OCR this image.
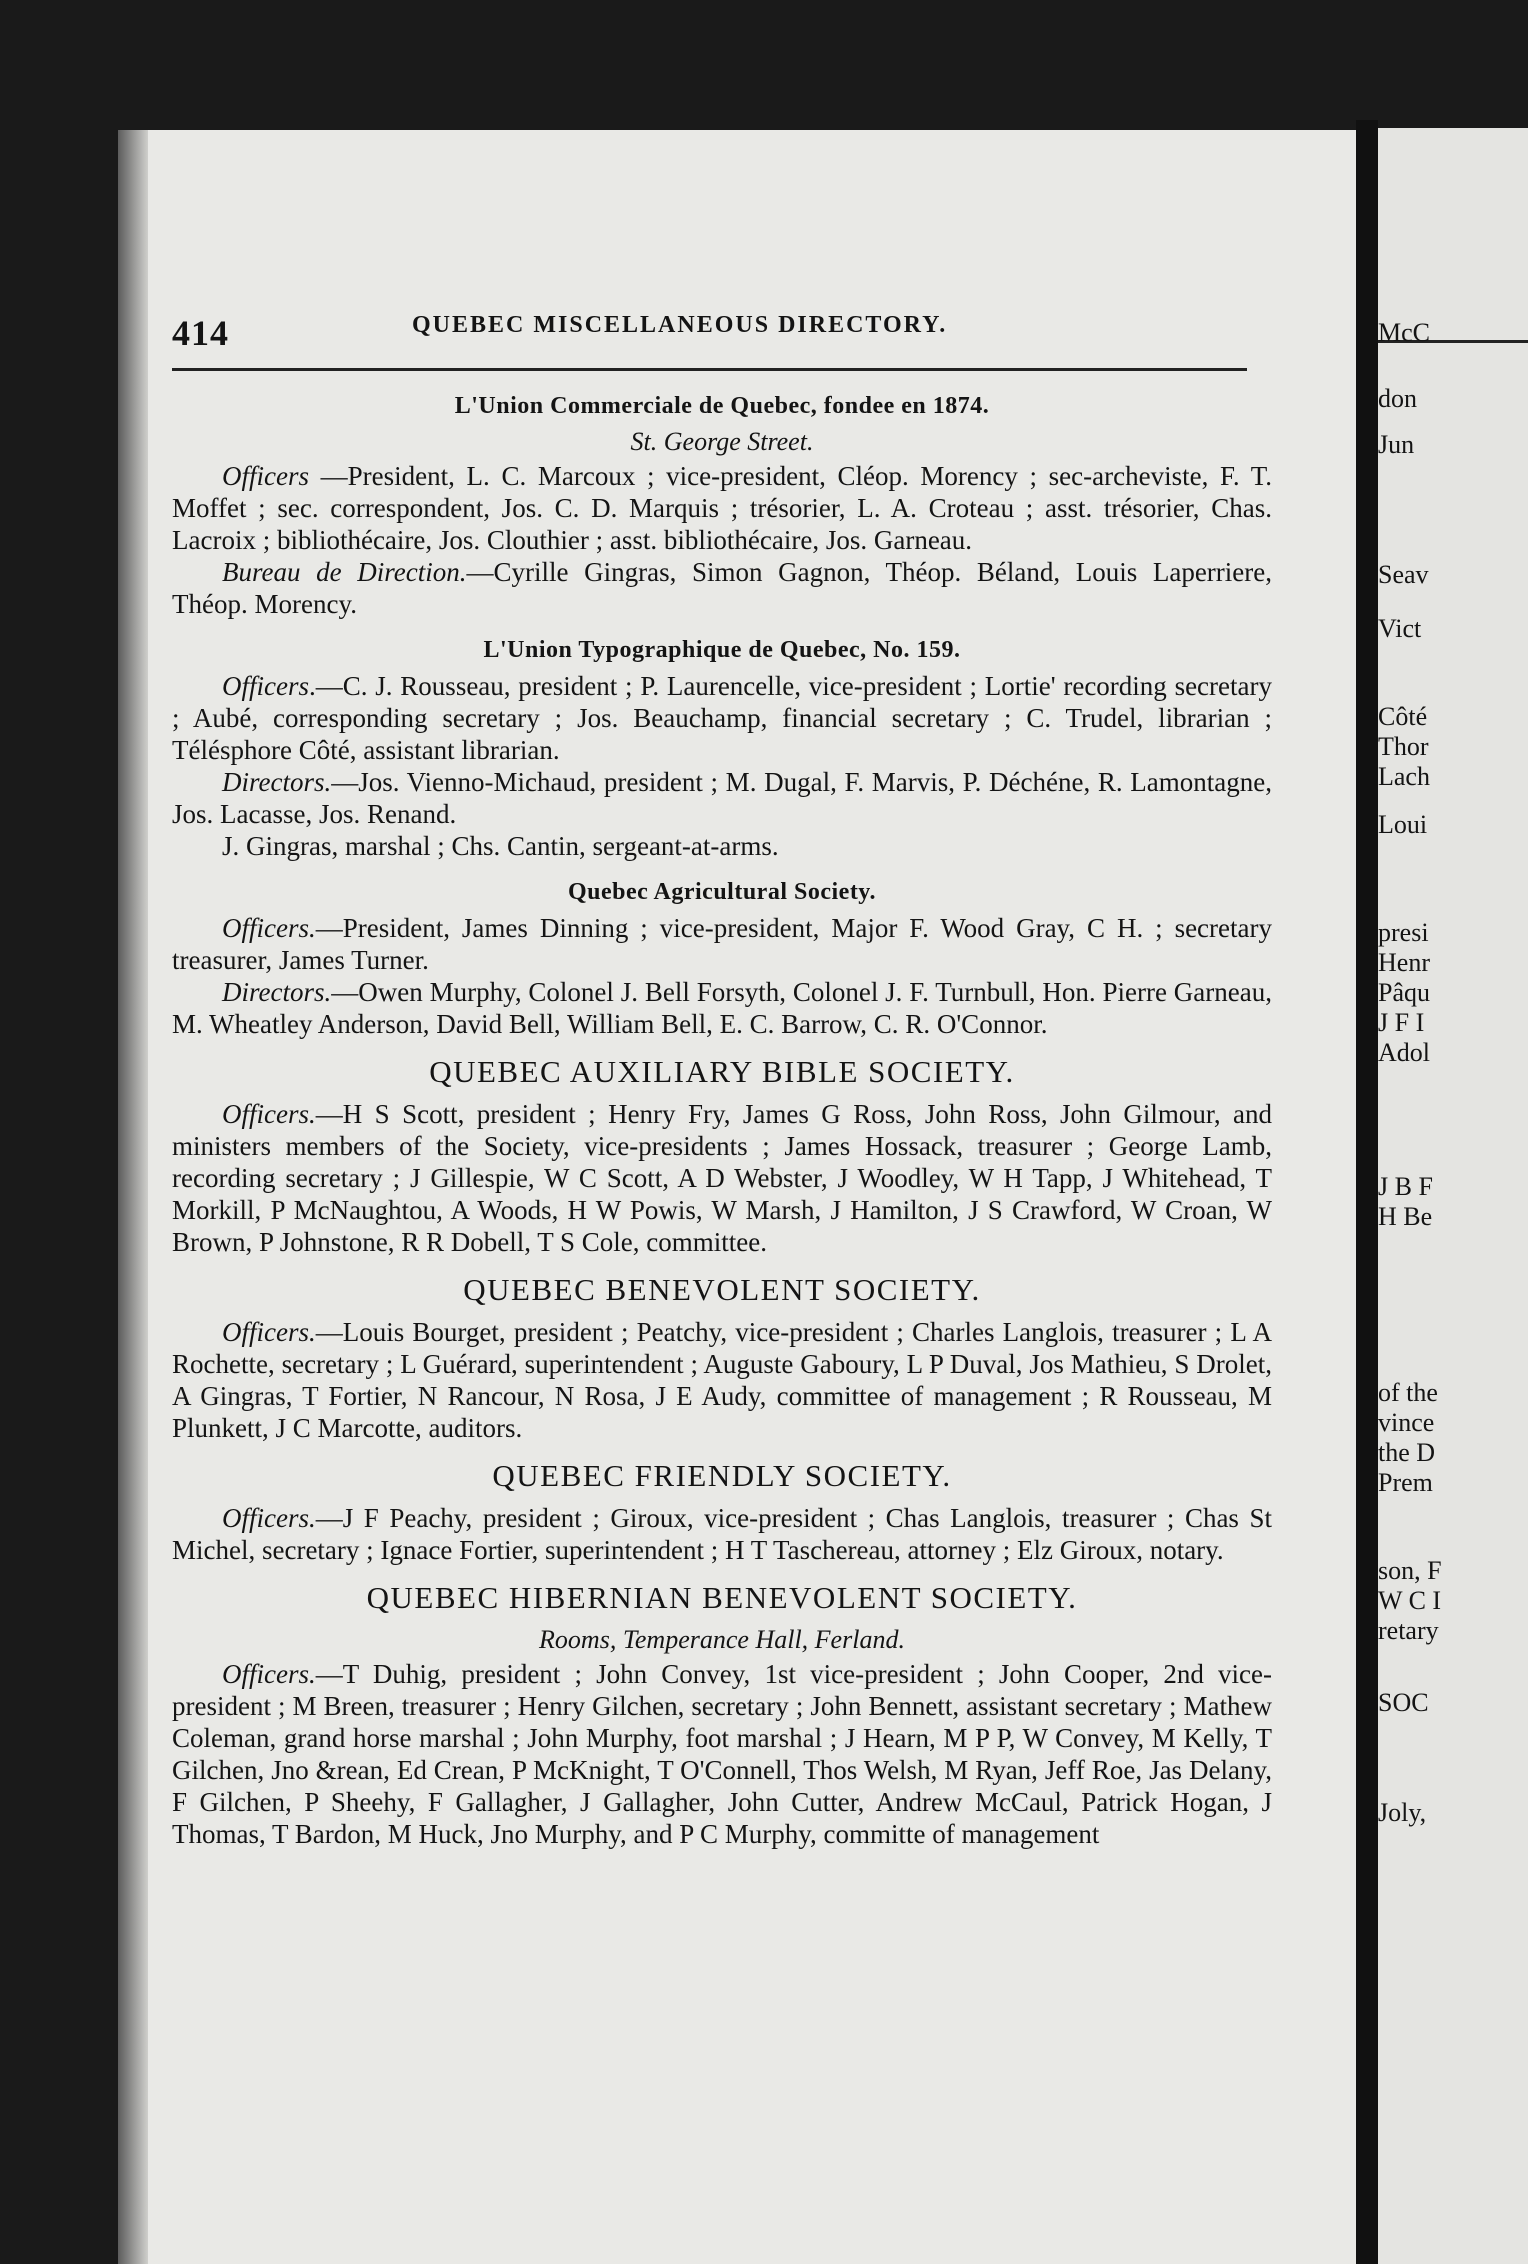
McC
don
Jun
Seav
Vict
Côté
Thor
Lach
Loui
presi
Henr
Pâqu
J F I
Adol
J B F
H Be
of the
vince
the D
Prem
son, F
W C I
retary
SOC
Joly,
414	QUEBEC MISCELLANEOUS DIRECTORY.
L'Union Commerciale de Quebec, fondee en 1874.
St. George Street.

Officers —President, L. C. Marcoux ; vice-president, Cléop. Morency ; sec-archeviste, F. T. Moffet ; sec. correspondent, Jos. C. D. Marquis ; trésorier, L. A. Croteau ; asst. trésorier, Chas. Lacroix ; bibliothécaire, Jos. Clouthier ; asst. bibliothécaire, Jos. Garneau.

Bureau de Direction.—Cyrille Gingras, Simon Gagnon, Théop. Béland, Louis Laperriere, Théop. Morency.

L'Union Typographique de Quebec, No. 159.

Officers.—C. J. Rousseau, president ; P. Laurencelle, vice-president ; Lortie' recording secretary ; Aubé, corresponding secretary ; Jos. Beauchamp, financial secretary ; C. Trudel, librarian ; Télésphore Côté, assistant librarian.

Directors.—Jos. Vienno-Michaud, president ; M. Dugal, F. Marvis, P. Déchéne, R. Lamontagne, Jos. Lacasse, Jos. Renand.

J. Gingras, marshal ; Chs. Cantin, sergeant-at-arms.

Quebec Agricultural Society.

Officers.—President, James Dinning ; vice-president, Major F. Wood Gray, C H. ; secretary treasurer, James Turner.

Directors.—Owen Murphy, Colonel J. Bell Forsyth, Colonel J. F. Turnbull, Hon. Pierre Garneau, M. Wheatley Anderson, David Bell, William Bell, E. C. Barrow, C. R. O'Connor.

QUEBEC AUXILIARY BIBLE SOCIETY.

Officers.—H S Scott, president ; Henry Fry, James G Ross, John Ross, John Gilmour, and ministers members of the Society, vice-presidents ; James Hossack, treasurer ; George Lamb, recording secretary ; J Gillespie, W C Scott, A D Webster, J Woodley, W H Tapp, J Whitehead, T Morkill, P McNaughtou, A Woods, H W Powis, W Marsh, J Hamilton, J S Crawford, W Croan, W Brown, P Johnstone, R R Dobell, T S Cole, committee.

QUEBEC BENEVOLENT SOCIETY.

Officers.—Louis Bourget, president ; Peatchy, vice-president ; Charles Langlois, treasurer ; L A Rochette, secretary ; L Guérard, superintendent ; Auguste Gaboury, L P Duval, Jos Mathieu, S Drolet, A Gingras, T Fortier, N Rancour, N Rosa, J E Audy, committee of management ; R Rousseau, M Plunkett, J C Marcotte, auditors.

QUEBEC FRIENDLY SOCIETY.

Officers.—J F Peachy, president ; Giroux, vice-president ; Chas Langlois, treasurer ; Chas St Michel, secretary ; Ignace Fortier, superintendent ; H T Taschereau, attorney ; Elz Giroux, notary.

QUEBEC HIBERNIAN BENEVOLENT SOCIETY.
Rooms, Temperance Hall, Ferland.

Officers.—T Duhig, president ; John Convey, 1st vice-president ; John Cooper, 2nd vice-president ; M Breen, treasurer ; Henry Gilchen, secretary ; John Bennett, assistant secretary ; Mathew Coleman, grand horse marshal ; John Murphy, foot marshal ; J Hearn, M P P, W Convey, M Kelly, T Gilchen, Jno &rean, Ed Crean, P McKnight, T O'Connell, Thos Welsh, M Ryan, Jeff Roe, Jas Delany, F Gilchen, P Sheehy, F Gallagher, J Gallagher, John Cutter, Andrew McCaul, Patrick Hogan, J Thomas, T Bardon, M Huck, Jno Murphy, and P C Murphy, committe of management
